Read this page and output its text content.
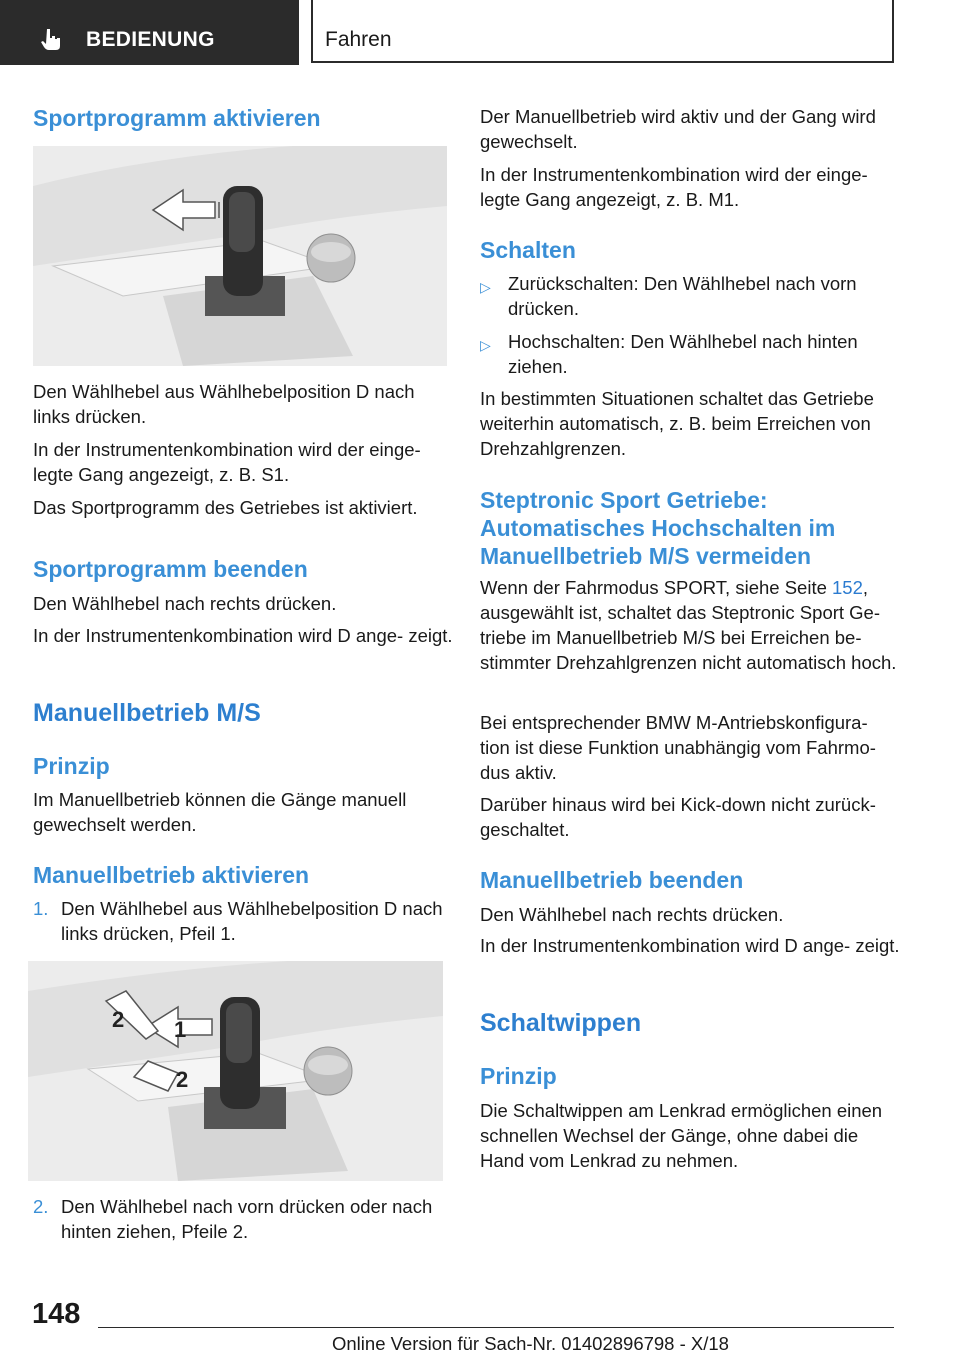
BEDIENUNG	Fahren
Sportprogramm aktivieren
Den Wählhebel aus Wählhebelposition D nach links drücken.
In der Instrumentenkombination wird der einge- legte Gang angezeigt, z. B. S1.
Das Sportprogramm des Getriebes ist aktiviert.
Sportprogramm beenden
Den Wählhebel nach rechts drücken.
In der Instrumentenkombination wird D ange- zeigt.
Manuellbetrieb M/S
Prinzip
Im Manuellbetrieb können die Gänge manuell gewechselt werden.
Manuellbetrieb aktivieren
1. Den Wählhebel aus Wählhebelposition D nach links drücken, Pfeil 1.
1
2
2
2. Den Wählhebel nach vorn drücken oder nach hinten ziehen, Pfeile 2.
Der Manuellbetrieb wird aktiv und der Gang wird gewechselt.
In der Instrumentenkombination wird der einge- legte Gang angezeigt, z. B. M1.
Schalten
▷ Zurückschalten: Den Wählhebel nach vorn drücken.
▷ Hochschalten: Den Wählhebel nach hinten ziehen.
In bestimmten Situationen schaltet das Getriebe weiterhin automatisch, z. B. beim Erreichen von Drehzahlgrenzen.
Steptronic Sport Getriebe: Automatisches Hochschalten im Manuellbetrieb M/S vermeiden
Wenn der Fahrmodus SPORT, siehe Seite 152, ausgewählt ist, schaltet das Steptronic Sport Ge- triebe im Manuellbetrieb M/S bei Erreichen be- stimmter Drehzahlgrenzen nicht automatisch hoch.
Bei entsprechender BMW M-Antriebskonfigura- tion ist diese Funktion unabhängig vom Fahrmo- dus aktiv.
Darüber hinaus wird bei Kick-down nicht zurück- geschaltet.
Manuellbetrieb beenden
Den Wählhebel nach rechts drücken.
In der Instrumentenkombination wird D ange- zeigt.
Schaltwippen
Prinzip
Die Schaltwippen am Lenkrad ermöglichen einen schnellen Wechsel der Gänge, ohne dabei die Hand vom Lenkrad zu nehmen.
148
Online Version für Sach-Nr. 01402896798 - X/18
